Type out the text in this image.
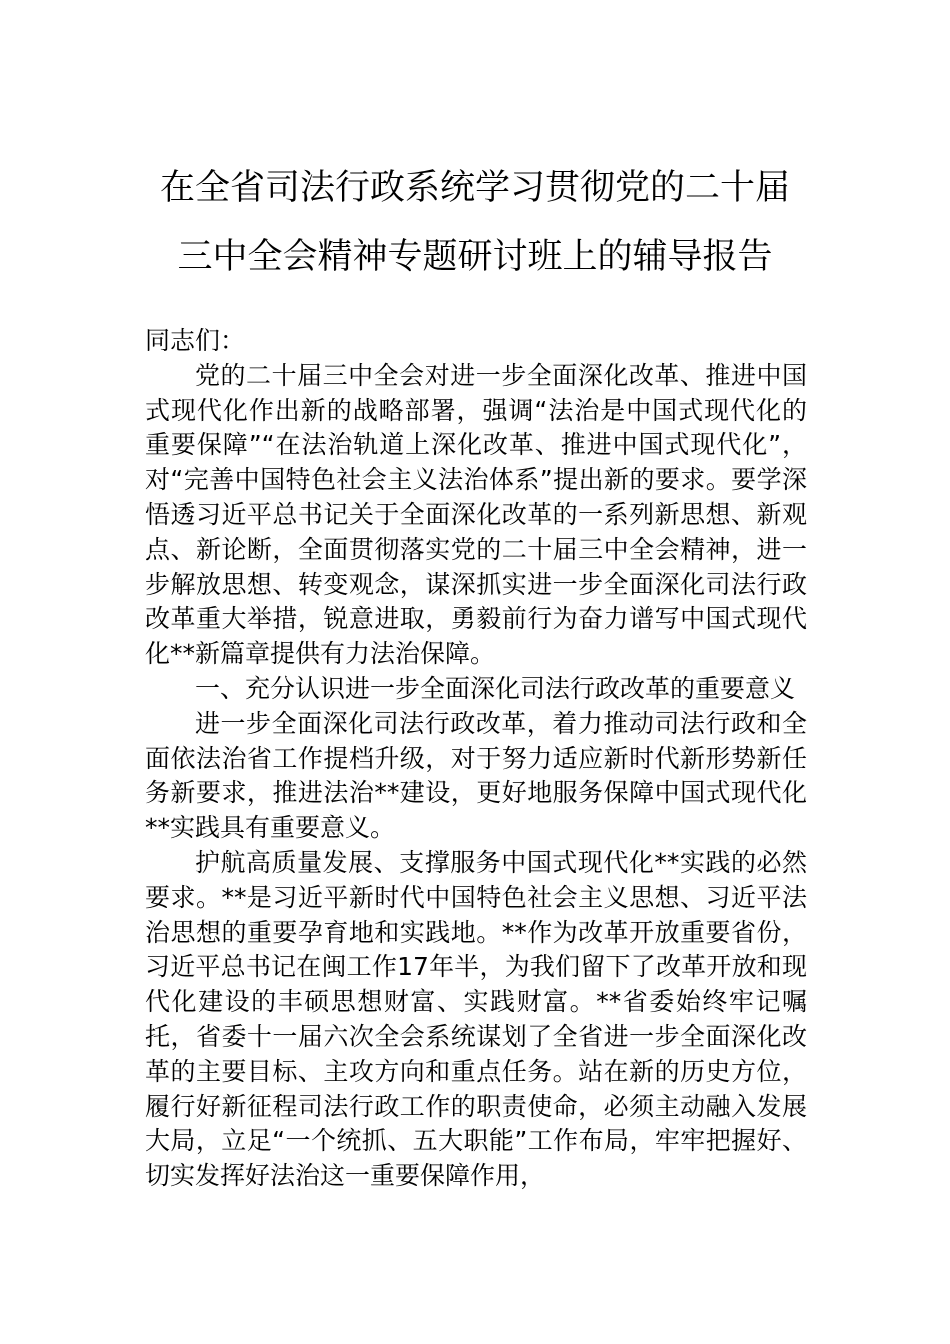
在全省司法行政系统学习贯彻党的二十届
三中全会精神专题研讨班上的辅导报告

同志们：

党的二十届三中全会对进一步全面深化改革、推进中国式现代化作出新的战略部署，强调“法治是中国式现代化的重要保障”“在法治轨道上深化改革、推进中国式现代化”，对“完善中国特色社会主义法治体系”提出新的要求。要学深悟透习近平总书记关于全面深化改革的一系列新思想、新观点、新论断，全面贯彻落实党的二十届三中全会精神，进一步解放思想、转变观念，谋深抓实进一步全面深化司法行政改革重大举措，锐意进取，勇毅前行为奋力谱写中国式现代化**新篇章提供有力法治保障。

一、充分认识进一步全面深化司法行政改革的重要意义

进一步全面深化司法行政改革，着力推动司法行政和全面依法治省工作提档升级，对于努力适应新时代新形势新任务新要求，推进法治**建设，更好地服务保障中国式现代化**实践具有重要意义。

护航高质量发展、支撑服务中国式现代化**实践的必然要求。**是习近平新时代中国特色社会主义思想、习近平法治思想的重要孕育地和实践地。**作为改革开放重要省份，习近平总书记在闽工作17年半，为我们留下了改革开放和现代化建设的丰硕思想财富、实践财富。**省委始终牢记嘱托，省委十一届六次全会系统谋划了全省进一步全面深化改革的主要目标、主攻方向和重点任务。站在新的历史方位，履行好新征程司法行政工作的职责使命，必须主动融入发展大局，立足“一个统抓、五大职能”工作布局，牢牢把握好、切实发挥好法治这一重要保障作用，
